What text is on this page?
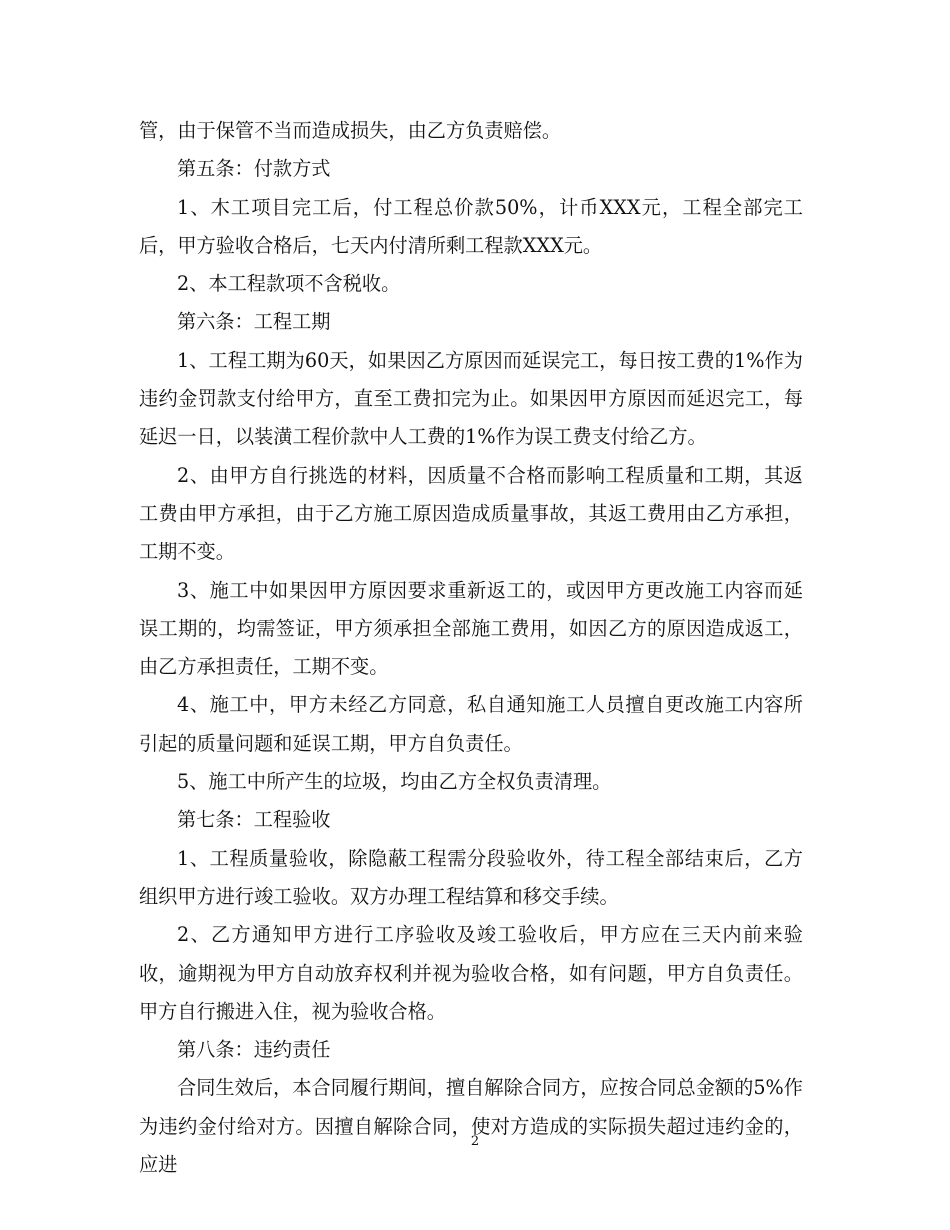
管，由于保管不当而造成损失，由乙方负责赔偿。

第五条：付款方式

1、木工项目完工后，付工程总价款50%，计币XXX元，工程全部完工后，甲方验收合格后，七天内付清所剩工程款XXX元。

2、本工程款项不含税收。

第六条：工程工期

1、工程工期为60天，如果因乙方原因而延误完工，每日按工费的1%作为违约金罚款支付给甲方，直至工费扣完为止。如果因甲方原因而延迟完工，每延迟一日，以装潢工程价款中人工费的1%作为误工费支付给乙方。

2、由甲方自行挑选的材料，因质量不合格而影响工程质量和工期，其返工费由甲方承担，由于乙方施工原因造成质量事故，其返工费用由乙方承担，工期不变。

3、施工中如果因甲方原因要求重新返工的，或因甲方更改施工内容而延误工期的，均需签证，甲方须承担全部施工费用，如因乙方的原因造成返工，由乙方承担责任，工期不变。

4、施工中，甲方未经乙方同意，私自通知施工人员擅自更改施工内容所引起的质量问题和延误工期，甲方自负责任。

5、施工中所产生的垃圾，均由乙方全权负责清理。

第七条：工程验收

1、工程质量验收，除隐蔽工程需分段验收外，待工程全部结束后，乙方组织甲方进行竣工验收。双方办理工程结算和移交手续。

2、乙方通知甲方进行工序验收及竣工验收后，甲方应在三天内前来验收，逾期视为甲方自动放弃权利并视为验收合格，如有问题，甲方自负责任。甲方自行搬进入住，视为验收合格。

第八条：违约责任

合同生效后，本合同履行期间，擅自解除合同方，应按合同总金额的5%作为违约金付给对方。因擅自解除合同，使对方造成的实际损失超过违约金的，应进

2
